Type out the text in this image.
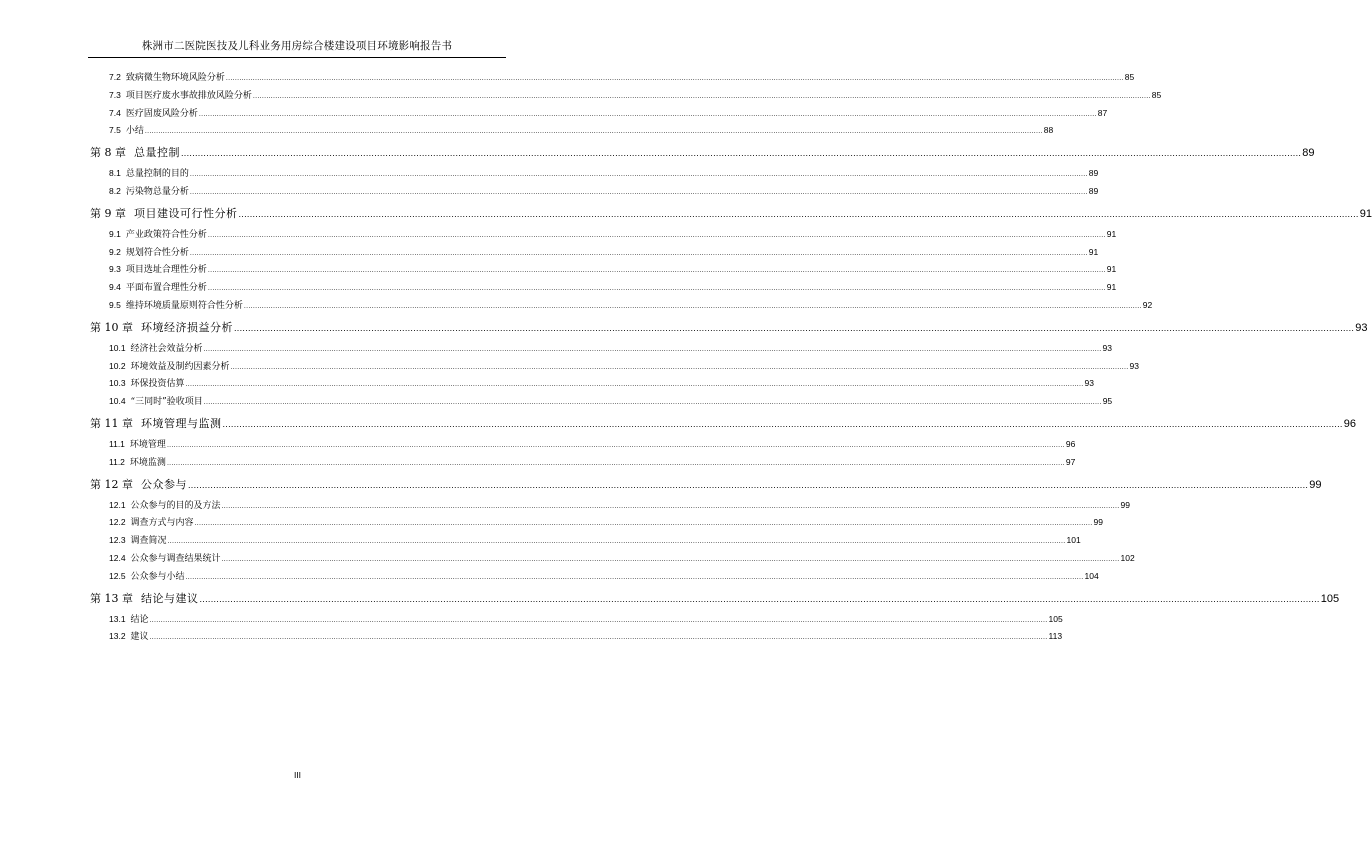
株洲市二医院医技及儿科业务用房综合楼建设项目环境影响报告书
7.2 致病微生物环境风险分析 ................................................................................................................................................................................................................................................................................................................................................................................................................ 85
7.3 项目医疗废水事故排放风险分析 ................................................................................................................................................................................................................................................................................................................................................................................................................ 85
7.4 医疗固废风险分析 ................................................................................................................................................................................................................................................................................................................................................................................................................ 87
7.5 小结 ................................................................................................................................................................................................................................................................................................................................................................................................................ 88
第 8 章 总量控制 ................................................................................................................................................................................................................................................................................................................................................................................................................ 89
8.1 总量控制的目的 ................................................................................................................................................................................................................................................................................................................................................................................................................ 89
8.2 污染物总量分析 ................................................................................................................................................................................................................................................................................................................................................................................................................ 89
第 9 章 项目建设可行性分析 ................................................................................................................................................................................................................................................................................................................................................................................................................ 91
9.1 产业政策符合性分析 ................................................................................................................................................................................................................................................................................................................................................................................................................ 91
9.2 规划符合性分析 ................................................................................................................................................................................................................................................................................................................................................................................................................ 91
9.3 项目选址合理性分析 ................................................................................................................................................................................................................................................................................................................................................................................................................ 91
9.4 平面布置合理性分析 ................................................................................................................................................................................................................................................................................................................................................................................................................ 91
9.5 维持环境质量原则符合性分析 ................................................................................................................................................................................................................................................................................................................................................................................................................ 92
第 10 章 环境经济损益分析 ................................................................................................................................................................................................................................................................................................................................................................................................................ 93
10.1 经济社会效益分析 ................................................................................................................................................................................................................................................................................................................................................................................................................ 93
10.2 环境效益及制约因素分析 ................................................................................................................................................................................................................................................................................................................................................................................................................ 93
10.3 环保投资估算 ................................................................................................................................................................................................................................................................................................................................................................................................................ 93
10.4 “三同时”验收项目 ................................................................................................................................................................................................................................................................................................................................................................................................................ 95
第 11 章 环境管理与监测 ................................................................................................................................................................................................................................................................................................................................................................................................................ 96
11.1 环境管理 ................................................................................................................................................................................................................................................................................................................................................................................................................ 96
11.2 环境监测 ................................................................................................................................................................................................................................................................................................................................................................................................................ 97
第 12 章 公众参与 ................................................................................................................................................................................................................................................................................................................................................................................................................ 99
12.1 公众参与的目的及方法 ................................................................................................................................................................................................................................................................................................................................................................................................................ 99
12.2 调查方式与内容 ................................................................................................................................................................................................................................................................................................................................................................................................................ 99
12.3 调查简况 ................................................................................................................................................................................................................................................................................................................................................................................................................ 101
12.4 公众参与调查结果统计 ................................................................................................................................................................................................................................................................................................................................................................................................................ 102
12.5 公众参与小结 ................................................................................................................................................................................................................................................................................................................................................................................................................ 104
第 13 章 结论与建议 ................................................................................................................................................................................................................................................................................................................................................................................................................ 105
13.1 结论 ................................................................................................................................................................................................................................................................................................................................................................................................................ 105
13.2 建议 ................................................................................................................................................................................................................................................................................................................................................................................................................ 113
III
